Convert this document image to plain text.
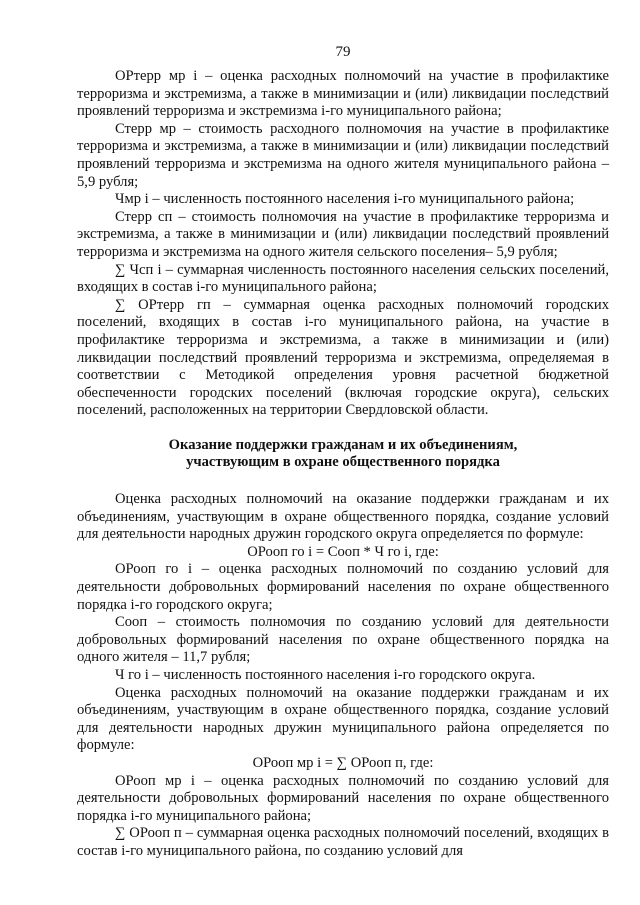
79

ОРтерр мр i – оценка расходных полномочий на участие в профилактике терроризма и экстремизма, а также в минимизации и (или) ликвидации последствий проявлений терроризма и экстремизма i-го муниципального района;

Стерр мр – стоимость расходного полномочия на участие в профилактике терроризма и экстремизма, а также в минимизации и (или) ликвидации последствий проявлений терроризма и экстремизма на одного жителя муниципального района – 5,9 рубля;

Чмр i – численность постоянного населения i-го муниципального района;

Стерр сп – стоимость полномочия на участие в профилактике терроризма и экстремизма, а также в минимизации и (или) ликвидации последствий проявлений терроризма и экстремизма на одного жителя сельского поселения– 5,9 рубля;

∑ Чсп i – суммарная численность постоянного населения сельских поселений, входящих в состав i-го муниципального района;

∑ ОРтерр гп – суммарная оценка расходных полномочий городских поселений, входящих в состав i-го муниципального района, на участие в профилактике терроризма и экстремизма, а также в минимизации и (или) ликвидации последствий проявлений терроризма и экстремизма, определяемая в соответствии с Методикой определения уровня расчетной бюджетной обеспеченности городских поселений (включая городские округа), сельских поселений, расположенных на территории Свердловской области.

Оказание поддержки гражданам и их объединениям,
участвующим в охране общественного порядка

Оценка расходных полномочий на оказание поддержки гражданам и их объединениям, участвующим в охране общественного порядка, создание условий для деятельности народных дружин городского округа определяется по формуле:

ОРооп го i = Cооп * Ч го i, где:

ОРооп го i – оценка расходных полномочий по созданию условий для деятельности добровольных формирований населения по охране общественного порядка i-го городского округа;

Cооп – стоимость полномочия по созданию условий для деятельности добровольных формирований населения по охране общественного порядка на одного жителя – 11,7 рубля;

Ч го i – численность постоянного населения i-го городского округа.

Оценка расходных полномочий на оказание поддержки гражданам и их объединениям, участвующим в охране общественного порядка, создание условий для деятельности народных дружин муниципального района определяется по формуле:

ОРооп мр i = ∑ ОРооп п, где:

ОРооп мр i – оценка расходных полномочий по созданию условий для деятельности добровольных формирований населения по охране общественного порядка i-го муниципального района;

∑ ОРооп п – суммарная оценка расходных полномочий поселений, входящих в состав i-го муниципального района, по созданию условий для
